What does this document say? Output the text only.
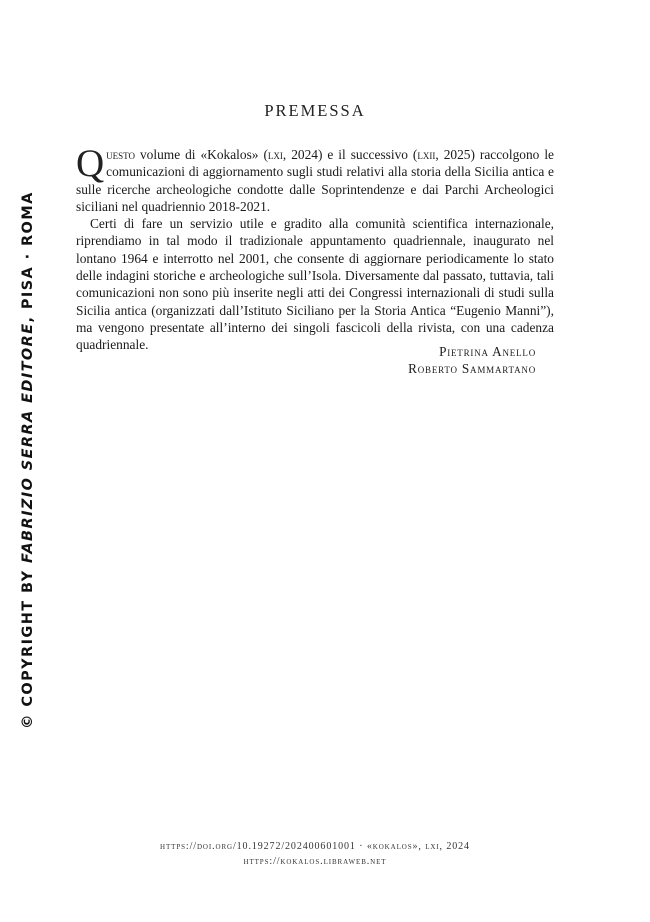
© COPYRIGHT BY FABRIZIO SERRA EDITORE, PISA · ROMA
PREMESSA

Questo volume di «Kokalos» (lxi, 2024) e il successivo (lxii, 2025) raccolgono le comunicazioni di aggiornamento sugli studi relativi alla storia della Sicilia antica e sulle ricerche archeologiche condotte dalle Soprintendenze e dai Parchi Archeologici siciliani nel quadriennio 2018-2021.

Certi di fare un servizio utile e gradito alla comunità scientifica internazionale, riprendiamo in tal modo il tradizionale appuntamento quadriennale, inaugurato nel lontano 1964 e interrotto nel 2001, che consente di aggiornare periodicamente lo stato delle indagini storiche e archeologiche sull’Isola. Diversamente dal passato, tuttavia, tali comunicazioni non sono più inserite negli atti dei Congressi internazionali di studi sulla Sicilia antica (organizzati dall’Istituto Siciliano per la Storia Antica “Eugenio Manni”), ma vengono presentate all’interno dei singoli fascicoli della rivista, con una cadenza quadriennale.	Pietrina Anello
Roberto Sammartano
https://doi.org/10.19272/202400601001 · «kokalos», lxi, 2024
https://kokalos.libraweb.net
